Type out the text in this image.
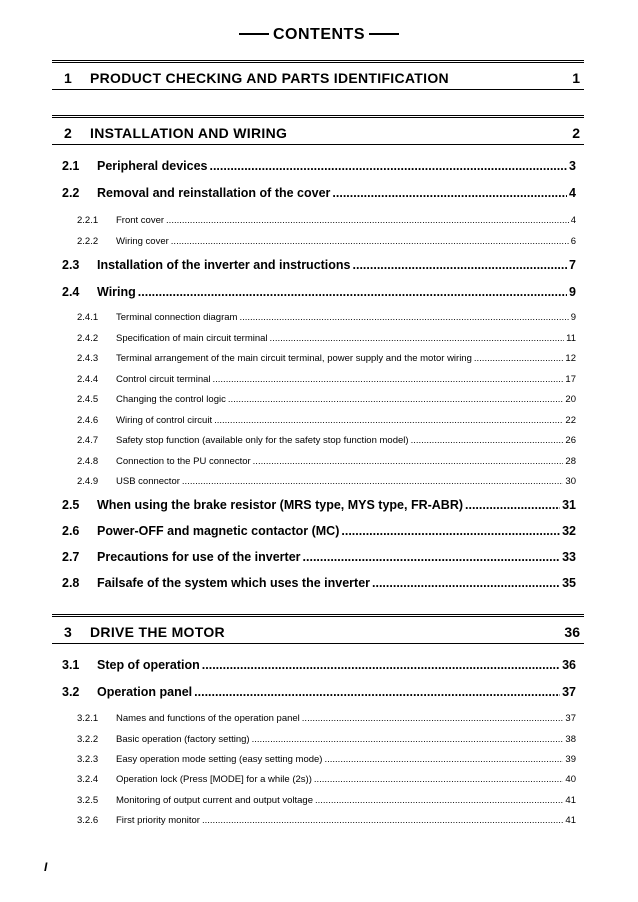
CONTENTS
1 PRODUCT CHECKING AND PARTS IDENTIFICATION	1
2 INSTALLATION AND WIRING	2
2.1	Peripheral devices .....	3
2.2	Removal and reinstallation of the cover .....	4
2.2.1	Front cover .....	4
2.2.2	Wiring cover .....	6
2.3	Installation of the inverter and instructions .....	7
2.4	Wiring .....	9
2.4.1	Terminal connection diagram .....	9
2.4.2	Specification of main circuit terminal .....	11
2.4.3	Terminal arrangement of the main circuit terminal, power supply and the motor wiring .....	12
2.4.4	Control circuit terminal .....	17
2.4.5	Changing the control logic .....	20
2.4.6	Wiring of control circuit .....	22
2.4.7	Safety stop function (available only for the safety stop function model) .....	26
2.4.8	Connection to the PU connector .....	28
2.4.9	USB connector .....	30
2.5	When using the brake resistor (MRS type, MYS type, FR-ABR) .....	31
2.6	Power-OFF and magnetic contactor (MC) .....	32
2.7	Precautions for use of the inverter .....	33
2.8	Failsafe of the system which uses the inverter .....	35
3 DRIVE THE MOTOR	36
3.1	Step of operation .....	36
3.2	Operation panel .....	37
3.2.1	Names and functions of the operation panel .....	37
3.2.2	Basic operation (factory setting) .....	38
3.2.3	Easy operation mode setting (easy setting mode) .....	39
3.2.4	Operation lock (Press [MODE] for a while (2s)) .....	40
3.2.5	Monitoring of output current and output voltage .....	41
3.2.6	First priority monitor .....	41
I
